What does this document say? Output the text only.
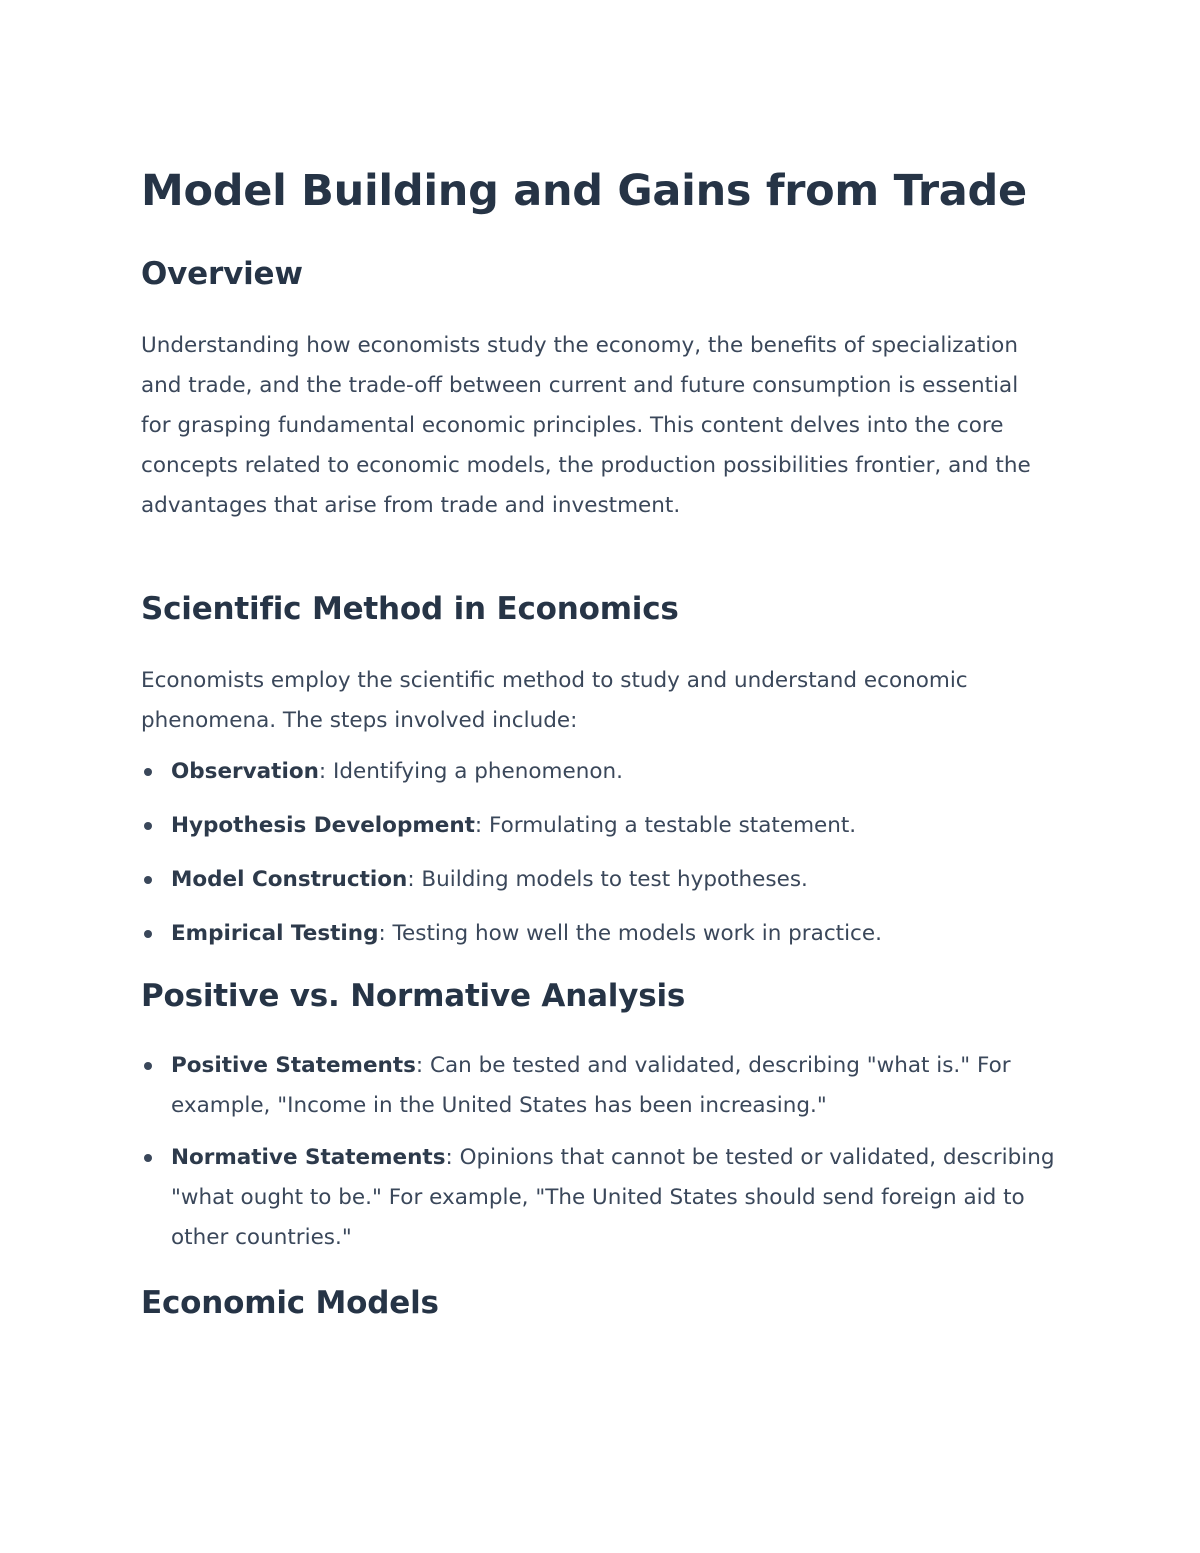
Model Building and Gains from Trade
Overview

Understanding how economists study the economy, the benefits of specialization and trade, and the trade-off between current and future consumption is essential for grasping fundamental economic principles. This content delves into the core concepts related to economic models, the production possibilities frontier, and the advantages that arise from trade and investment.

Scientific Method in Economics

Economists employ the scientific method to study and understand economic phenomena. The steps involved include:

Observation: Identifying a phenomenon.
Hypothesis Development: Formulating a testable statement.
Model Construction: Building models to test hypotheses.
Empirical Testing: Testing how well the models work in practice.
Positive vs. Normative Analysis
Positive Statements: Can be tested and validated, describing "what is." For example, "Income in the United States has been increasing."
Normative Statements: Opinions that cannot be tested or validated, describing "what ought to be." For example, "The United States should send foreign aid to other countries."
Economic Models
